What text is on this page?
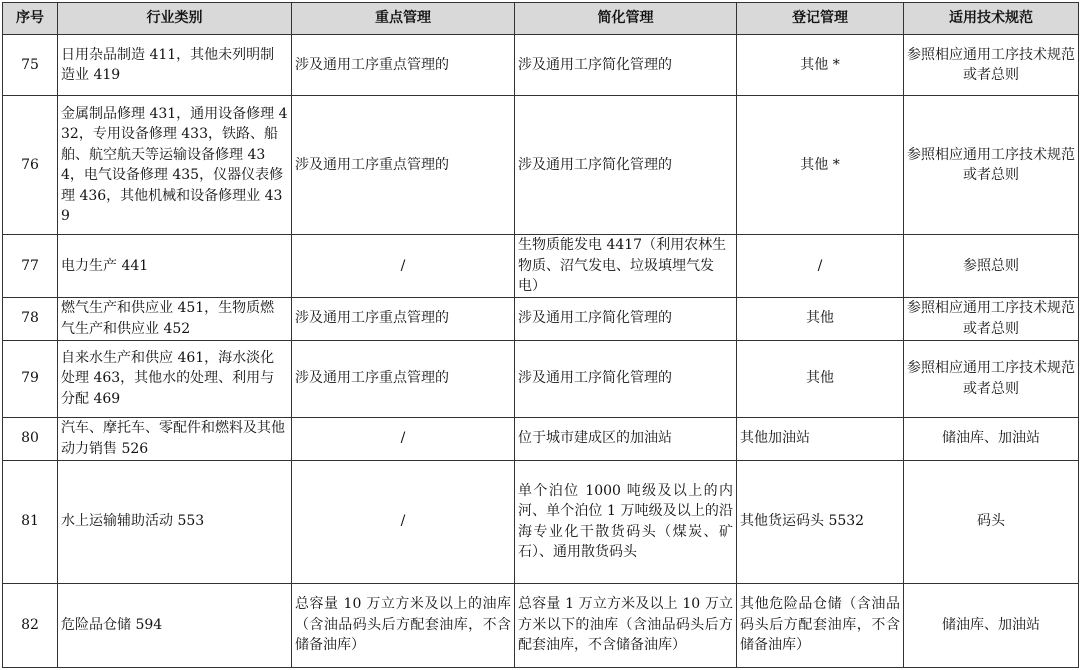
序号	行业类别	重点管理	简化管理	登记管理	适用技术规范
75	日用杂品制造 411，其他未列明制造业 419	涉及通用工序重点管理的	涉及通用工序简化管理的	其他 *	参照相应通用工序技术规范或者总则
76	金属制品修理 431，通用设备修理 432，专用设备修理 433，铁路、船舶、航空航天等运输设备修理 434，电气设备修理 435，仪器仪表修理 436，其他机械和设备修理业 439	涉及通用工序重点管理的	涉及通用工序简化管理的	其他 *	参照相应通用工序技术规范或者总则
77	电力生产 441	/	生物质能发电 4417（利用农林生物质、沼气发电、垃圾填埋气发电）	/	参照总则
78	燃气生产和供应业 451，生物质燃气生产和供应业 452	涉及通用工序重点管理的	涉及通用工序简化管理的	其他	参照相应通用工序技术规范或者总则
79	自来水生产和供应 461，海水淡化处理 463，其他水的处理、利用与分配 469	涉及通用工序重点管理的	涉及通用工序简化管理的	其他	参照相应通用工序技术规范或者总则
80	汽车、摩托车、零配件和燃料及其他动力销售 526	/	位于城市建成区的加油站	其他加油站	储油库、加油站
81	水上运输辅助活动 553	/	单个泊位 1000 吨级及以上的内河、单个泊位 1 万吨级及以上的沿海专业化干散货码头（煤炭、矿石）、通用散货码头	其他货运码头 5532	码头
82	危险品仓储 594	总容量 10 万立方米及以上的油库（含油品码头后方配套油库，不含储备油库）	总容量 1 万立方米及以上 10 万立方米以下的油库（含油品码头后方配套油库，不含储备油库）	其他危险品仓储（含油品码头后方配套油库，不含储备油库）	储油库、加油站
